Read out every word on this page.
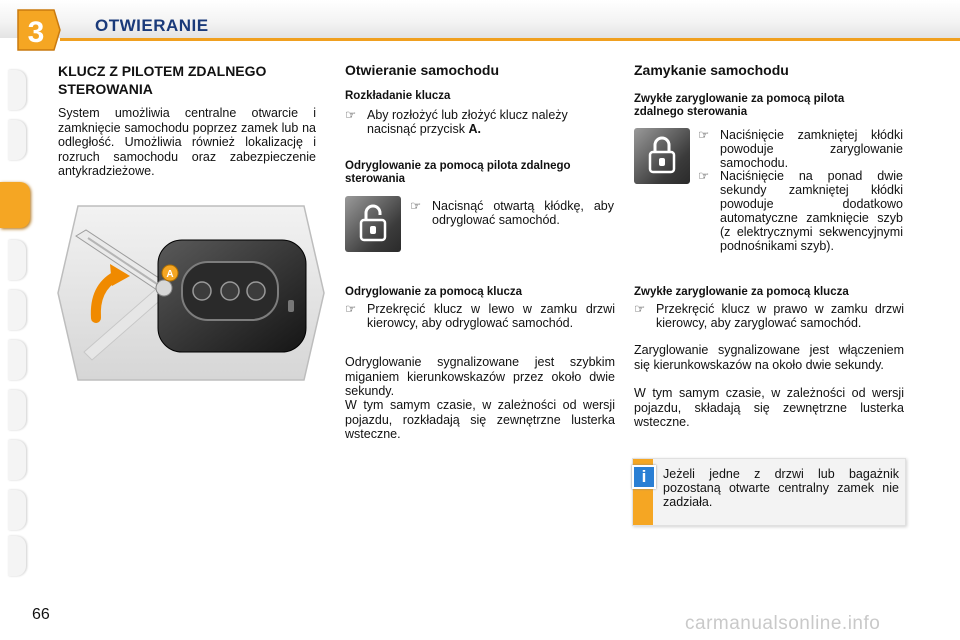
3	OTWIERANIE
KLUCZ Z PILOTEM ZDALNEGO STEROWANIA

System umożliwia centralne otwarcie i zamknięcie samochodu poprzez zamek lub na odległość. Umożliwia również lokalizację i rozruch samochodu oraz zabezpieczenie antykradzieżowe.

A
Otwieranie samochodu
Rozkładanie klucza
☞ Aby rozłożyć lub złożyć klucz należy nacisnąć przycisk A.
Odryglowanie za pomocą pilota zdalnego sterowania
☞ Nacisnąć otwartą kłódkę, aby odryglować samochód.
Odryglowanie za pomocą klucza
☞ Przekręcić klucz w lewo w zamku drzwi kierowcy, aby odryglować samochód.

Odryglowanie sygnalizowane jest szybkim miganiem kierunkowskazów przez około dwie sekundy.

W tym samym czasie, w zależności od wersji pojazdu, rozkładają się zewnętrzne lusterka wsteczne.

Zamykanie samochodu
Zwykłe zaryglowanie za pomocą pilota zdalnego sterowania
☞ Naciśnięcie zamkniętej kłódki powoduje zaryglowanie samochodu.
☞ Naciśnięcie na ponad dwie sekundy zamkniętej kłódki powoduje dodatkowo automatyczne zamknięcie szyb (z elektrycznymi sekwencyjnymi podnośnikami szyb).
Zwykłe zaryglowanie za pomocą klucza
☞ Przekręcić klucz w prawo w zamku drzwi kierowcy, aby zaryglować samochód.

Zaryglowanie sygnalizowane jest włączeniem się kierunkowskazów na około dwie sekundy.

W tym samym czasie, w zależności od wersji pojazdu, składają się zewnętrzne lusterka wsteczne.

i	Jeżeli jedne z drzwi lub bagażnik pozostaną otwarte centralny zamek nie zadziała.
66	carmanualsonline.info
